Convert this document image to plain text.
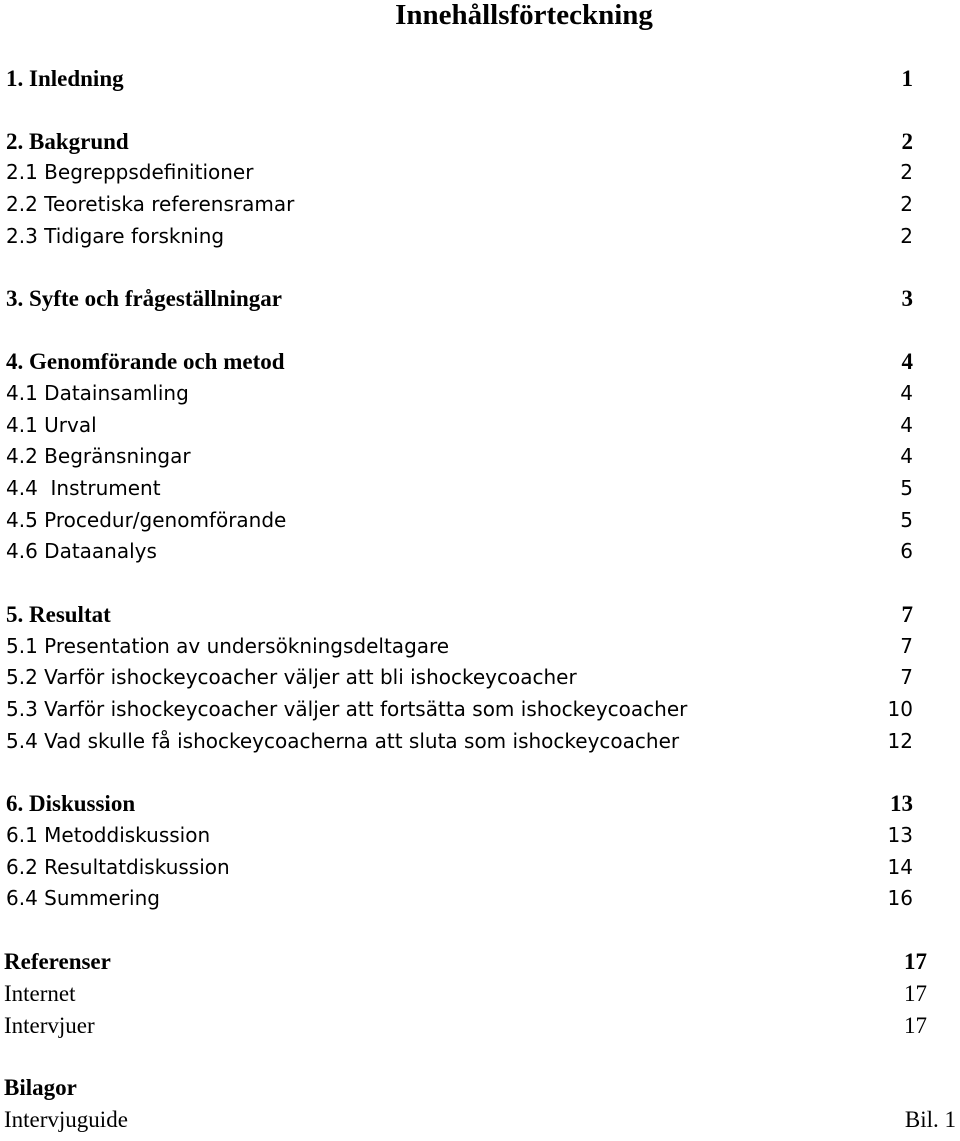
Innehållsförteckning
1. Inledning	1
2. Bakgrund	2
2.1 Begreppsdefinitioner	2
2.2 Teoretiska referensramar	2
2.3 Tidigare forskning	2
3. Syfte och frågeställningar	3
4. Genomförande och metod	4
4.1 Datainsamling	4
4.1 Urval	4
4.2 Begränsningar	4
4.4  Instrument	5
4.5 Procedur/genomförande	5
4.6 Dataanalys	6
5. Resultat	7
5.1 Presentation av undersökningsdeltagare	7
5.2 Varför ishockeycoacher väljer att bli ishockeycoacher	7
5.3 Varför ishockeycoacher väljer att fortsätta som ishockeycoacher	10
5.4 Vad skulle få ishockeycoacherna att sluta som ishockeycoacher	12
6. Diskussion	13
6.1 Metoddiskussion	13
6.2 Resultatdiskussion	14
6.4 Summering	16
Referenser	17
Internet	17
Intervjuer	17
Bilagor
Intervjuguide	Bil. 1
